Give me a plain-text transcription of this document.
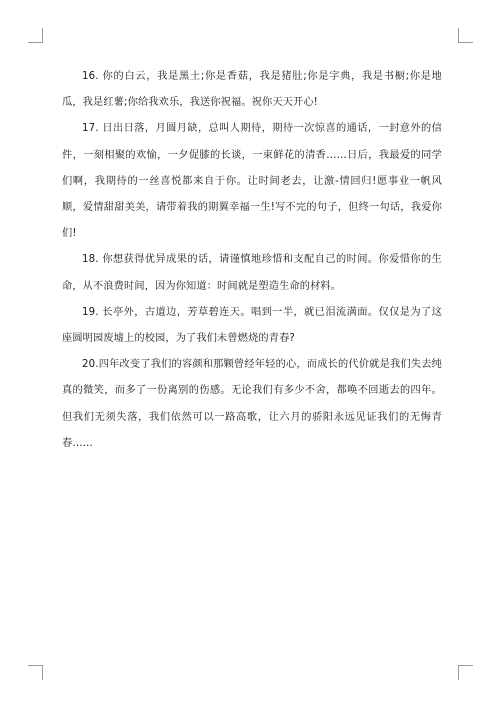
16. 你的白云，我是黑土;你是香菇，我是猪肚;你是字典，我是书橱;你是地瓜，我是红薯;你给我欢乐，我送你祝福。祝你天天开心!

17. 日出日落，月圆月缺，总叫人期待，期待一次惊喜的通话，一封意外的信件，一刻相聚的欢愉，一夕促膝的长谈，一束鲜花的清香……日后，我最爱的同学们啊，我期待的一丝喜悦都来自于你。让时间老去，让激-情回归!愿事业一帆风顺，爱情甜甜美美，请带着我的期翼幸福一生!写不完的句子，但终一句话，我爱你们!

18. 你想获得优异成果的话，请谨慎地珍惜和支配自己的时间。你爱惜你的生命，从不浪费时间，因为你知道：时间就是塑造生命的材料。

19. 长亭外，古道边，芳草碧连天。唱到一半，就已泪流满面。仅仅是为了这座圆明园废墟上的校园，为了我们未曾燃烧的青春?

20.四年改变了我们的容颜和那颗曾经年轻的心，而成长的代价就是我们失去纯真的微笑，而多了一份离别的伤感。无论我们有多少不舍，都唤不回逝去的四年。但我们无须失落，我们依然可以一路高歌，让六月的骄阳永远见证我们的无悔青春……
